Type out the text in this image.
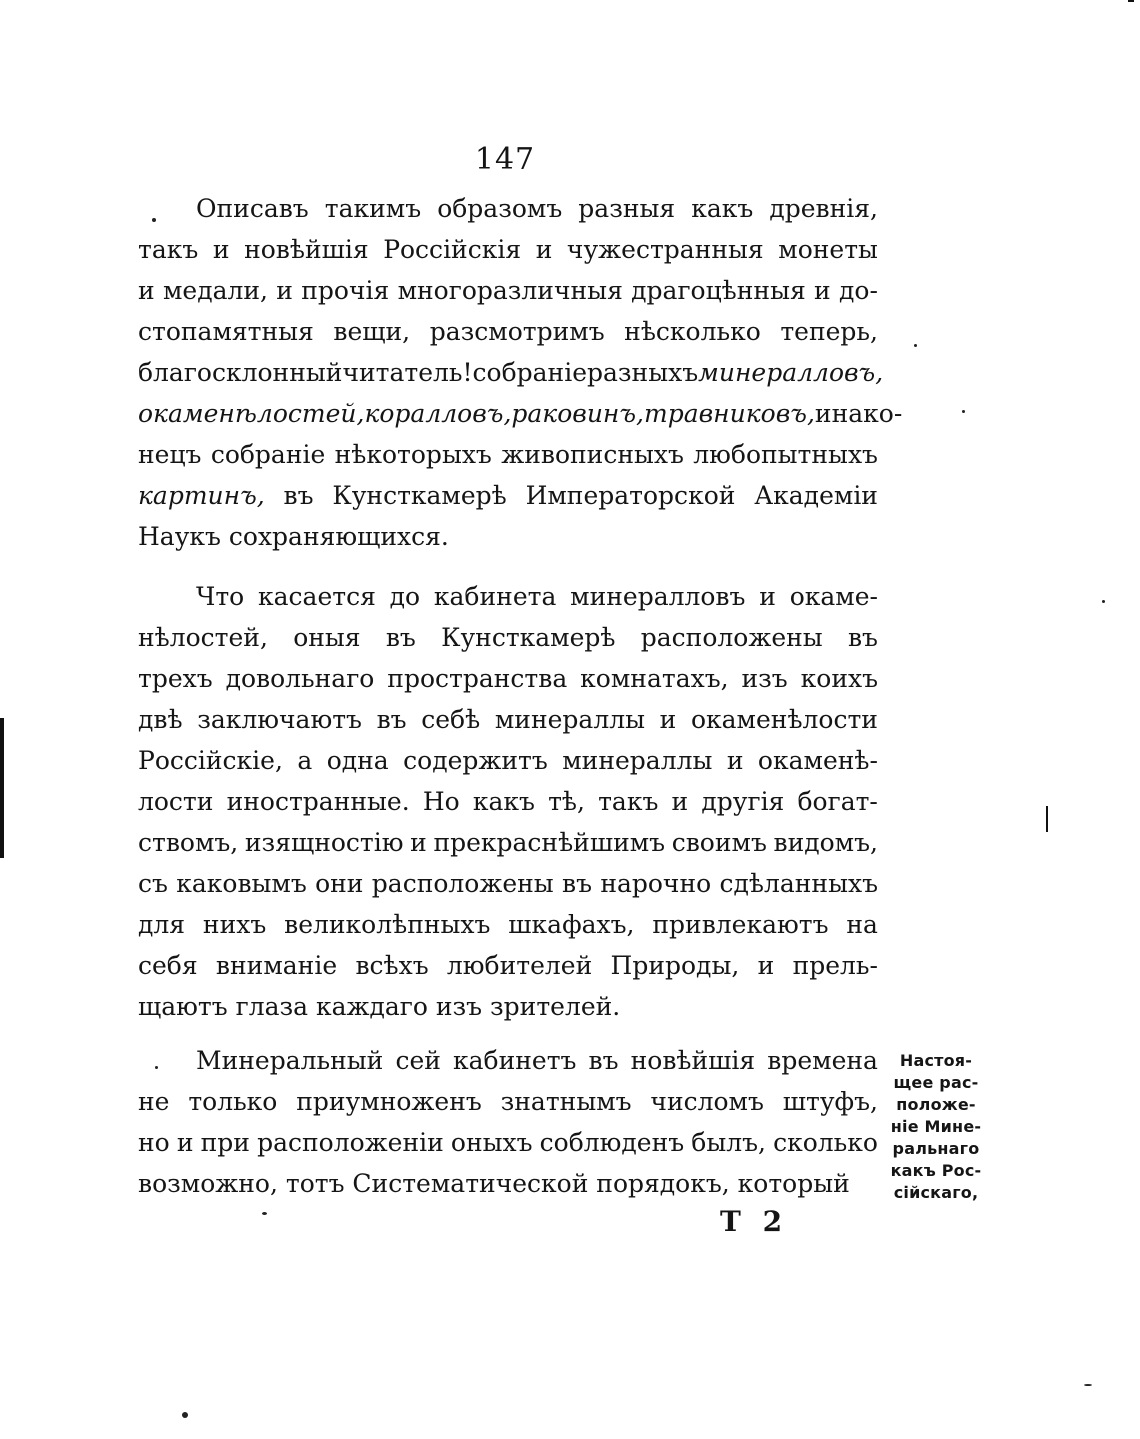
147
Описавъ такимъ образомъ разныя какъ древнія,
такъ и новѣйшія Россійскія и чужестранныя монеты
и медали, и прочія многоразличныя драгоцѣнныя и до-
стопамятныя вещи, разсмотримъ нѣсколько теперь,
благосклонный читатель! собраніе разныхъ минералловъ,
окаменѣлостей, коралловъ, раковинъ, травниковъ, и на ко-
нецъ собраніе нѣкоторыхъ живописныхъ любопытныхъ
картинъ, въ Кунсткамерѣ Императорской Академіи
Наукъ сохраняющихся.
Что касается до кабинета минералловъ и окаме-
нѣлостей, оныя въ Кунсткамерѣ расположены въ
трехъ довольнаго пространства комнатахъ, изъ коихъ
двѣ заключаютъ въ себѣ минераллы и окаменѣлости
Россійскіе, а одна содержитъ минераллы и окаменѣ-
лости иностранные. Но какъ тѣ, такъ и другія богат-
ствомъ, изящностію и прекраснѣйшимъ своимъ видомъ,
съ каковымъ они расположены въ нарочно сдѣланныхъ
для нихъ великолѣпныхъ шкафахъ, привлекаютъ на
себя вниманіе всѣхъ любителей Природы, и прель-
щаютъ глаза каждаго изъ зрителей.
Минеральный сей кабинетъ въ новѣйшія времена
не только приумноженъ знатнымъ числомъ штуфъ,
но и при расположеніи оныхъ соблюденъ былъ, сколько
возможно, тотъ Систематической порядокъ, который
Настоя-
щее рас-
положе-
ніе Мине-
ральнаго
какъ Рос-
сійскаго,
Т 2
